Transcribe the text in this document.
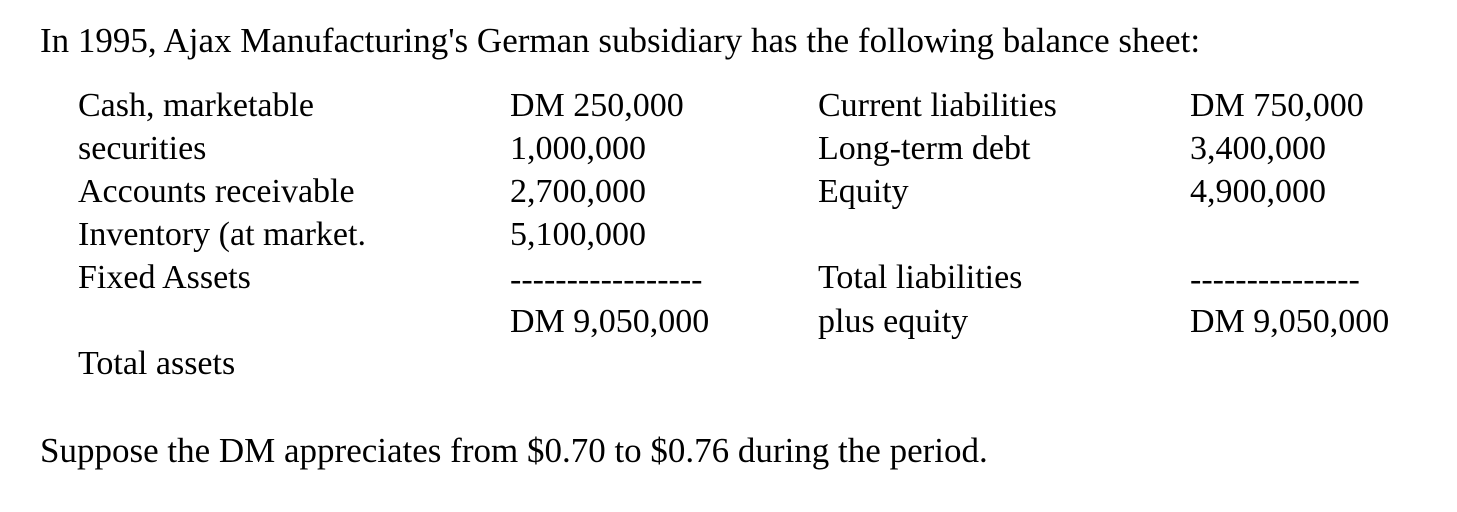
In 1995, Ajax Manufacturing's German subsidiary has the following balance sheet:
Cash, marketable
securities
Accounts receivable
Inventory (at market.
Fixed Assets
Total assets
DM 250,000
1,000,000
2,700,000
5,100,000
-----------------
DM 9,050,000
Current liabilities
Long-term debt
Equity
Total liabilities
plus equity
DM 750,000
3,400,000
4,900,000
---------------
DM 9,050,000
Suppose the DM appreciates from $0.70 to $0.76 during the period.
